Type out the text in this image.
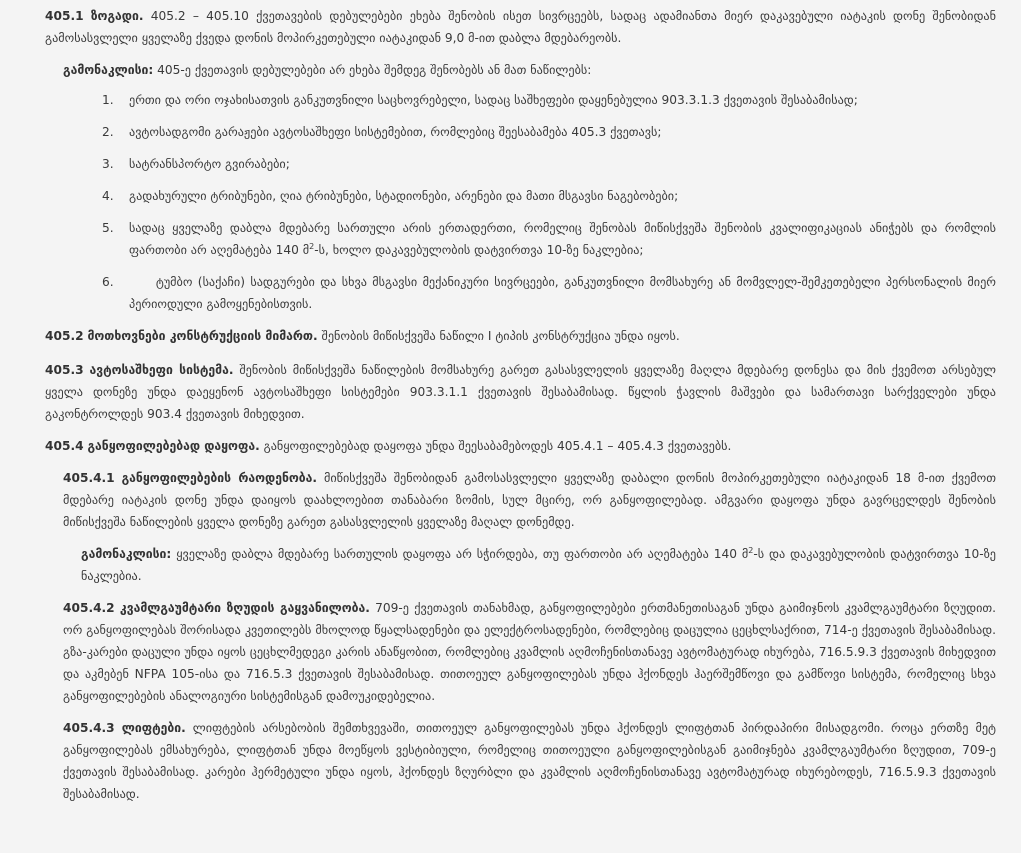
405.1 ზოგადი. 405.2 – 405.10 ქვეთავების დებულებები ეხება შენობის ისეთ სივრცეებს, სადაც ადამიანთა მიერ დაკავებული იატაკის დონე შენობიდან გამოსასვლელი ყველაზე ქვედა დონის მოპირკეთებული იატაკიდან 9,0 მ-ით დაბლა მდებარეობს.

გამონაკლისი: 405-ე ქვეთავის დებულებები არ ეხება შემდეგ შენობებს ან მათ ნაწილებს:

1.	ერთი და ორი ოჯახისათვის განკუთვნილი საცხოვრებელი, სადაც საშხეფები დაყენებულია 903.3.1.3 ქვეთავის შესაბამისად;
2.	ავტოსადგომი გარაჟები ავტოსაშხეფი სისტემებით, რომლებიც შეესაბამება 405.3 ქვეთავს;
3.	სატრანსპორტო გვირაბები;
4.	გადახურული ტრიბუნები, ღია ტრიბუნები, სტადიონები, არენები და მათი მსგავსი ნაგებობები;
5.	სადაც ყველაზე დაბლა მდებარე სართული არის ერთადერთი, რომელიც შენობას მიწისქვეშა შენობის კვალიფიკაციას ანიჭებს და რომლის ფართობი არ აღემატება 140 მ$^2$-ს, ხოლო დაკავებულობის დატვირთვა 10-ზე ნაკლებია;
6.	ტუმბო (საქაჩი) სადგურები და სხვა მსგავსი მექანიკური სივრცეები, განკუთვნილი მომსახურე ან მომვლელ-შემკეთებელი პერსონალის მიერ პერიოდული გამოყენებისთვის.

405.2 მოთხოვნები კონსტრუქციის მიმართ. შენობის მიწისქვეშა ნაწილი I ტიპის კონსტრუქცია უნდა იყოს.

405.3 ავტოსაშხეფი სისტემა. შენობის მიწისქვეშა ნაწილების მომსახურე გარეთ გასასვლელის ყველაზე მაღლა მდებარე დონესა და მის ქვემოთ არსებულ ყველა დონეზე უნდა დაეყენონ ავტოსაშხეფი სისტემები 903.3.1.1 ქვეთავის შესაბამისად. წყლის ჭავლის მაშვები და სამართავი სარქველები უნდა გაკონტროლდეს 903.4 ქვეთავის მიხედვით.

405.4 განყოფილებებად დაყოფა. განყოფილებებად დაყოფა უნდა შეესაბამებოდეს 405.4.1 – 405.4.3 ქვეთავებს.

405.4.1 განყოფილებების რაოდენობა. მიწისქვეშა შენობიდან გამოსასვლელი ყველაზე დაბალი დონის მოპირკეთებული იატაკიდან 18 მ-ით ქვემოთ მდებარე იატაკის დონე უნდა დაიყოს დაახლოებით თანაბარი ზომის, სულ მცირე, ორ განყოფილებად. ამგვარი დაყოფა უნდა გავრცელდეს შენობის მიწისქვეშა ნაწილების ყველა დონეზე გარეთ გასასვლელის ყველაზე მაღალ დონემდე.

გამონაკლისი: ყველაზე დაბლა მდებარე სართულის დაყოფა არ სჭირდება, თუ ფართობი არ აღემატება 140 მ$^2$-ს და დაკავებულობის დატვირთვა 10-ზე ნაკლებია.

405.4.2 კვამლგაუმტარი ზღუდის გაყვანილობა. 709-ე ქვეთავის თანახმად, განყოფილებები ერთმანეთისაგან უნდა გაიმიჯნოს კვამლგაუმტარი ზღუდით. ორ განყოფილებას შორისადა კვეთილებს მხოლოდ წყალსადენები და ელექტროსადენები, რომლებიც დაცულია ცეცხლსაქრით, 714-ე ქვეთავის შესაბამისად. გზა-კარები დაცული უნდა იყოს ცეცხლმედეგი კარის ანაწყობით, რომლებიც კვამლის აღმოჩენისთანავე ავტომატურად იხურება, 716.5.9.3 ქვეთავის მიხედვით და აკმებენ NFPA 105-ისა და 716.5.3 ქვეთავის შესაბამისად. თითოეულ განყოფილებას უნდა ჰქონდეს ჰაერშემწოვი და გამწოვი სისტემა, რომელიც სხვა განყოფილებების ანალოგიური სისტემისგან დამოუკიდებელია.

405.4.3 ლიფტები. ლიფტების არსებობის შემთხვევაში, თითოეულ განყოფილებას უნდა ჰქონდეს ლიფტთან პირდაპირი მისადგომი. როცა ერთზე მეტ განყოფილებას ემსახურება, ლიფტთან უნდა მოეწყოს ვესტიბიული, რომელიც თითოეული განყოფილებისგან გაიმიჯნება კვამლგაუმტარი ზღუდით, 709-ე ქვეთავის შესაბამისად. კარები ჰერმეტული უნდა იყოს, ჰქონდეს ზღურბლი და კვამლის აღმოჩენისთანავე ავტომატურად იხურებოდეს, 716.5.9.3 ქვეთავის შესაბამისად.
